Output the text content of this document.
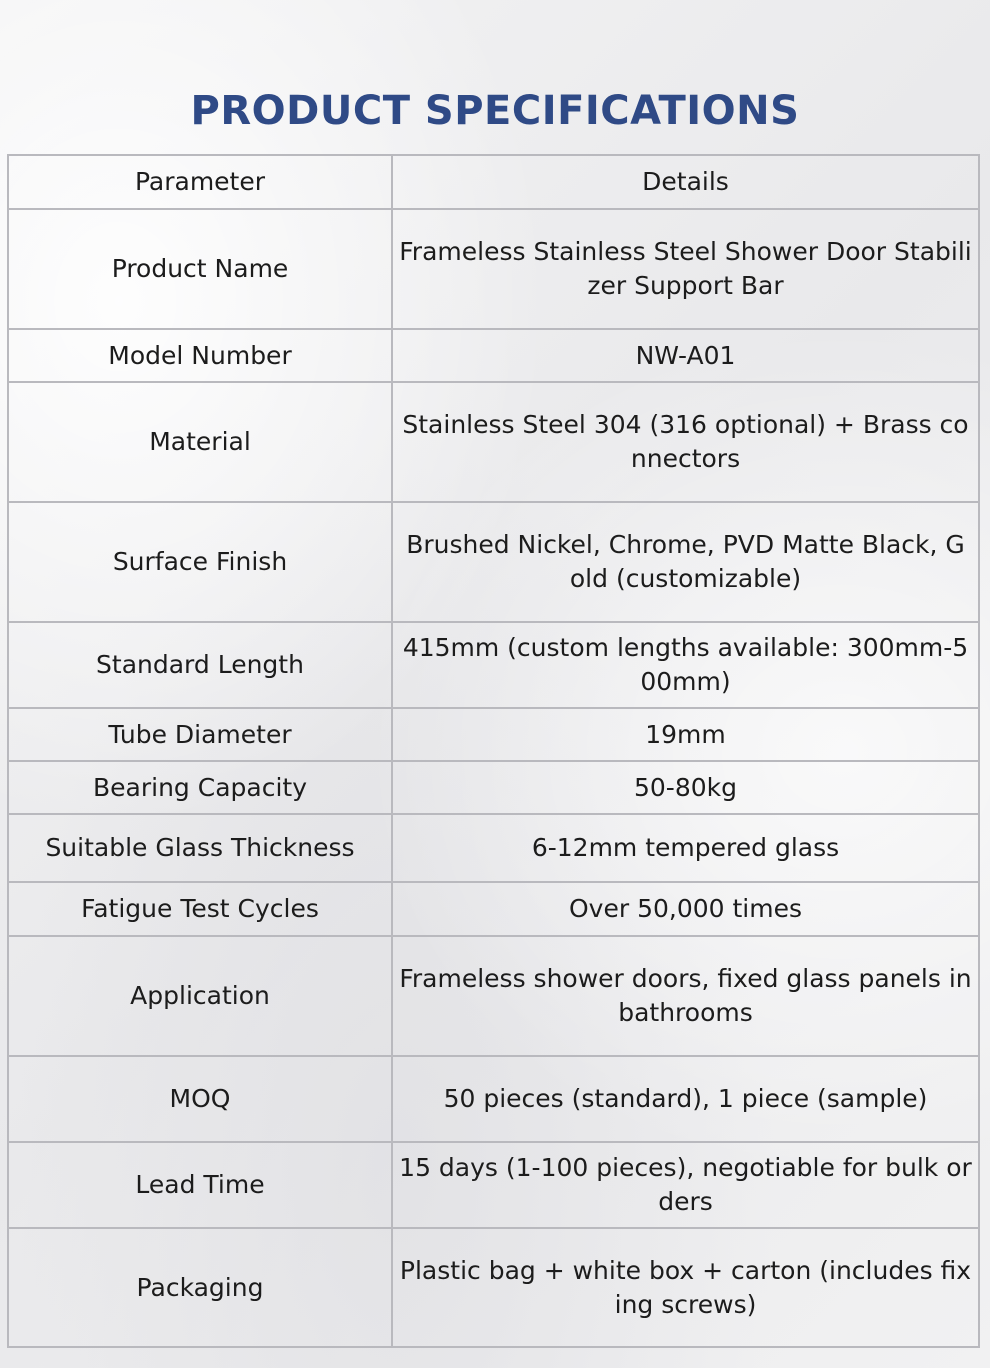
PRODUCT SPECIFICATIONS
Parameter	Details
Product Name	Frameless Stainless Steel Shower Door Stabilizer Support Bar
Model Number	NW-A01
Material	Stainless Steel 304 (316 optional) + Brass connectors
Surface Finish	Brushed Nickel, Chrome, PVD Matte Black, Gold (customizable)
Standard Length	415mm (custom lengths available: 300mm-500mm)
Tube Diameter	19mm
Bearing Capacity	50-80kg
Suitable Glass Thickness	6-12mm tempered glass
Fatigue Test Cycles	Over 50,000 times
Application	Frameless shower doors, fixed glass panels in bathrooms
MOQ	50 pieces (standard), 1 piece (sample)
Lead Time	15 days (1-100 pieces), negotiable for bulk orders
Packaging	Plastic bag + white box + carton (includes fixing screws)
